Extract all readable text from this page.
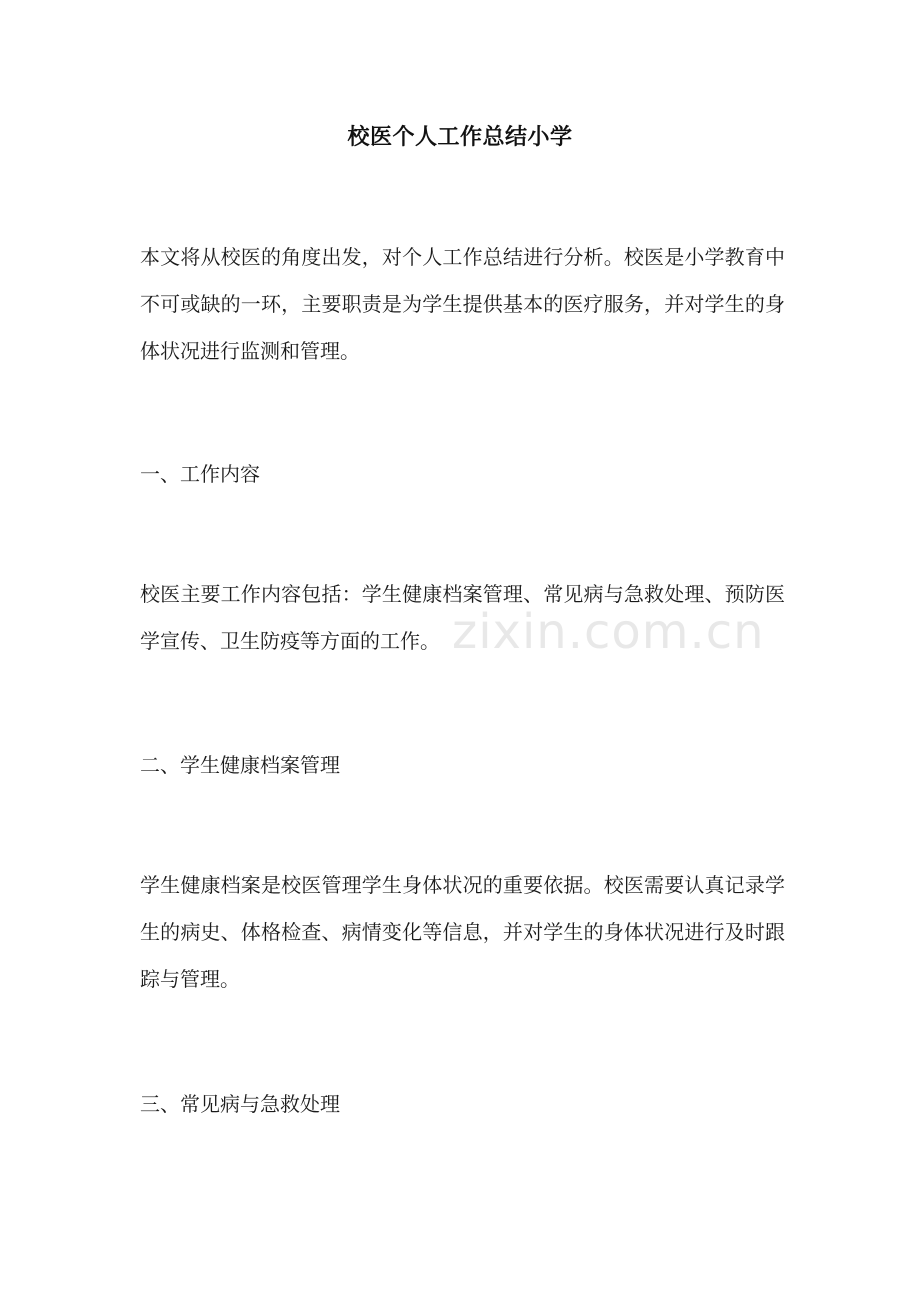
校医个人工作总结小学

本文将从校医的角度出发，对个人工作总结进行分析。校医是小学教育中不可或缺的一环，主要职责是为学生提供基本的医疗服务，并对学生的身体状况进行监测和管理。

一、工作内容

校医主要工作内容包括：学生健康档案管理、常见病与急救处理、预防医学宣传、卫生防疫等方面的工作。

二、学生健康档案管理

学生健康档案是校医管理学生身体状况的重要依据。校医需要认真记录学生的病史、体格检查、病情变化等信息，并对学生的身体状况进行及时跟踪与管理。

三、常见病与急救处理
zixin.com.cn
